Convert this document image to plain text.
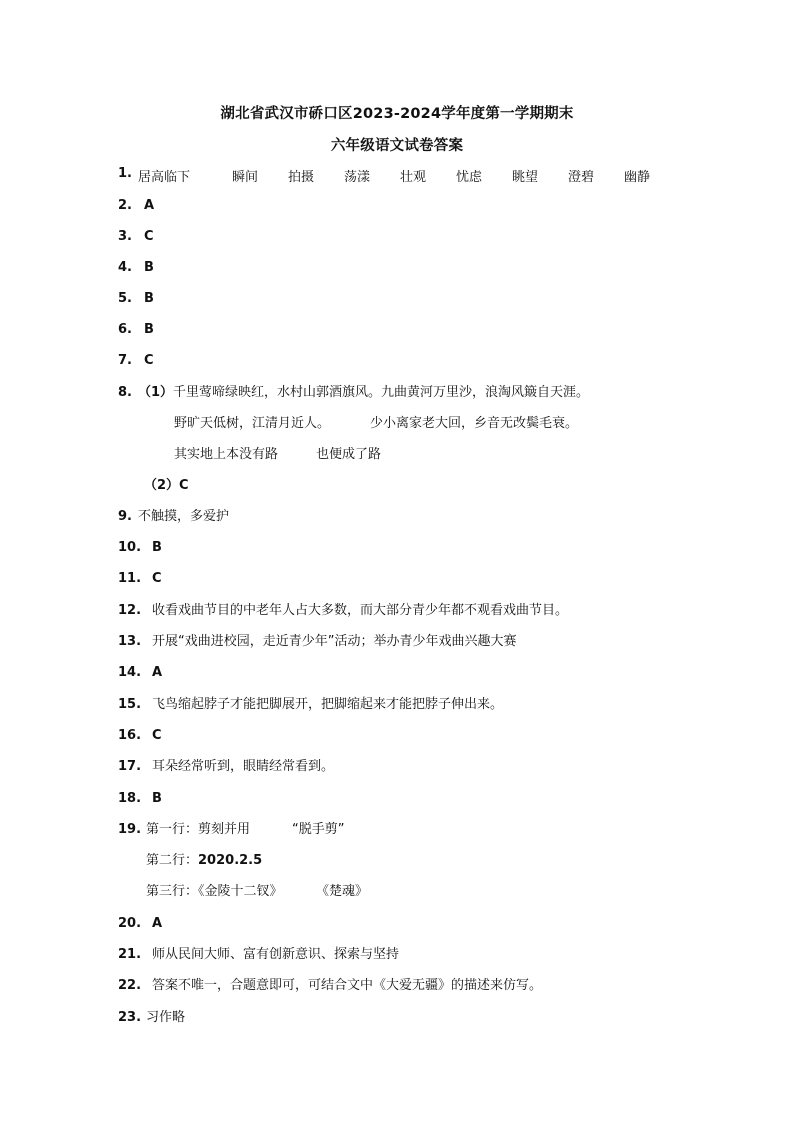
湖北省武汉市硚口区2023-2024学年度第一学期期末
六年级语文试卷答案
1. 居高临下	瞬间 拍摄 荡漾 壮观 忧虑 眺望 澄碧 幽静
2. A
3. C
4. B
5. B
6. B
7. C
8. （1）千里莺啼绿映红，水村山郭酒旗风。九曲黄河万里沙，浪淘风簸自天涯。
野旷天低树，江清月近人。	少小离家老大回，乡音无改鬓毛衰。
其实地上本没有路	也便成了路
（2）C
9. 不触摸，多爱护
10. B
11. C
12. 收看戏曲节目的中老年人占大多数，而大部分青少年都不观看戏曲节目。
13. 开展“戏曲进校园，走近青少年”活动；举办青少年戏曲兴趣大赛
14. A
15. 飞鸟缩起脖子才能把脚展开，把脚缩起来才能把脖子伸出来。
16. C
17. 耳朵经常听到，眼睛经常看到。
18. B
19. 第一行：剪刻并用	“脱手剪”
第二行：2020.2.5
第三行：《金陵十二钗》	《楚魂》
20. A
21. 师从民间大师、富有创新意识、探索与坚持
22. 答案不唯一，合题意即可，可结合文中《大爱无疆》的描述来仿写。
23. 习作略
